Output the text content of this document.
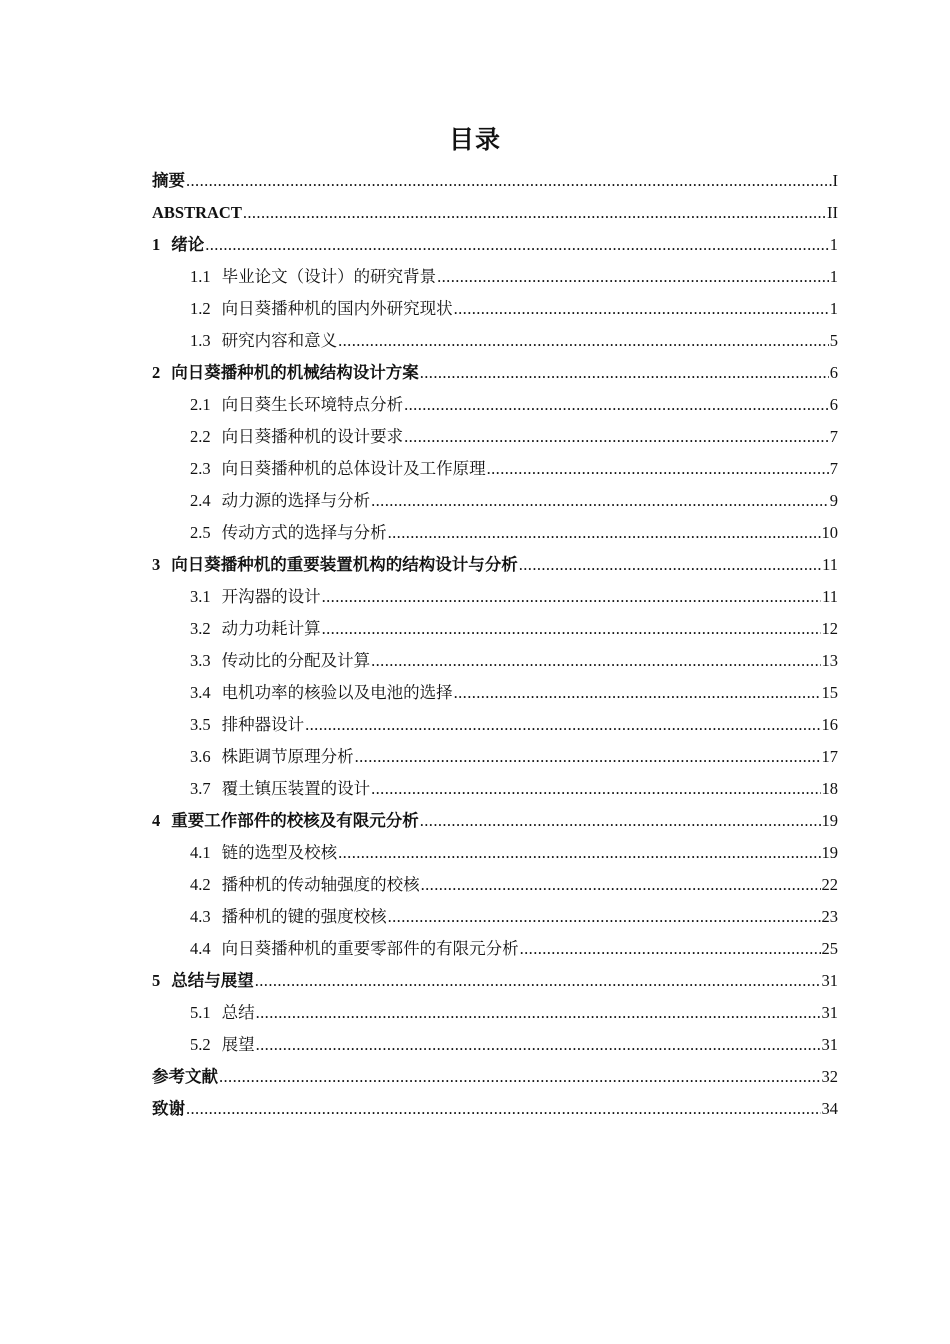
目录
摘要 .....	I
ABSTRACT .....	II
1 绪论 .....	1
1.1 毕业论文（设计）的研究背景 .....	1
1.2 向日葵播种机的国内外研究现状 .....	1
1.3 研究内容和意义 .....	5
2 向日葵播种机的机械结构设计方案 .....	6
2.1 向日葵生长环境特点分析 .....	6
2.2 向日葵播种机的设计要求 .....	7
2.3 向日葵播种机的总体设计及工作原理 .....	7
2.4 动力源的选择与分析 .....	9
2.5 传动方式的选择与分析 .....	10
3 向日葵播种机的重要装置机构的结构设计与分析 .....	11
3.1 开沟器的设计 .....	11
3.2 动力功耗计算 .....	12
3.3 传动比的分配及计算 .....	13
3.4 电机功率的核验以及电池的选择 .....	15
3.5 排种器设计 .....	16
3.6 株距调节原理分析 .....	17
3.7 覆土镇压装置的设计 .....	18
4 重要工作部件的校核及有限元分析 .....	19
4.1 链的选型及校核 .....	19
4.2 播种机的传动轴强度的校核 .....	22
4.3 播种机的键的强度校核 .....	23
4.4 向日葵播种机的重要零部件的有限元分析 .....	25
5 总结与展望 .....	31
5.1 总结 .....	31
5.2 展望 .....	31
参考文献 .....	32
致谢 .....	34
